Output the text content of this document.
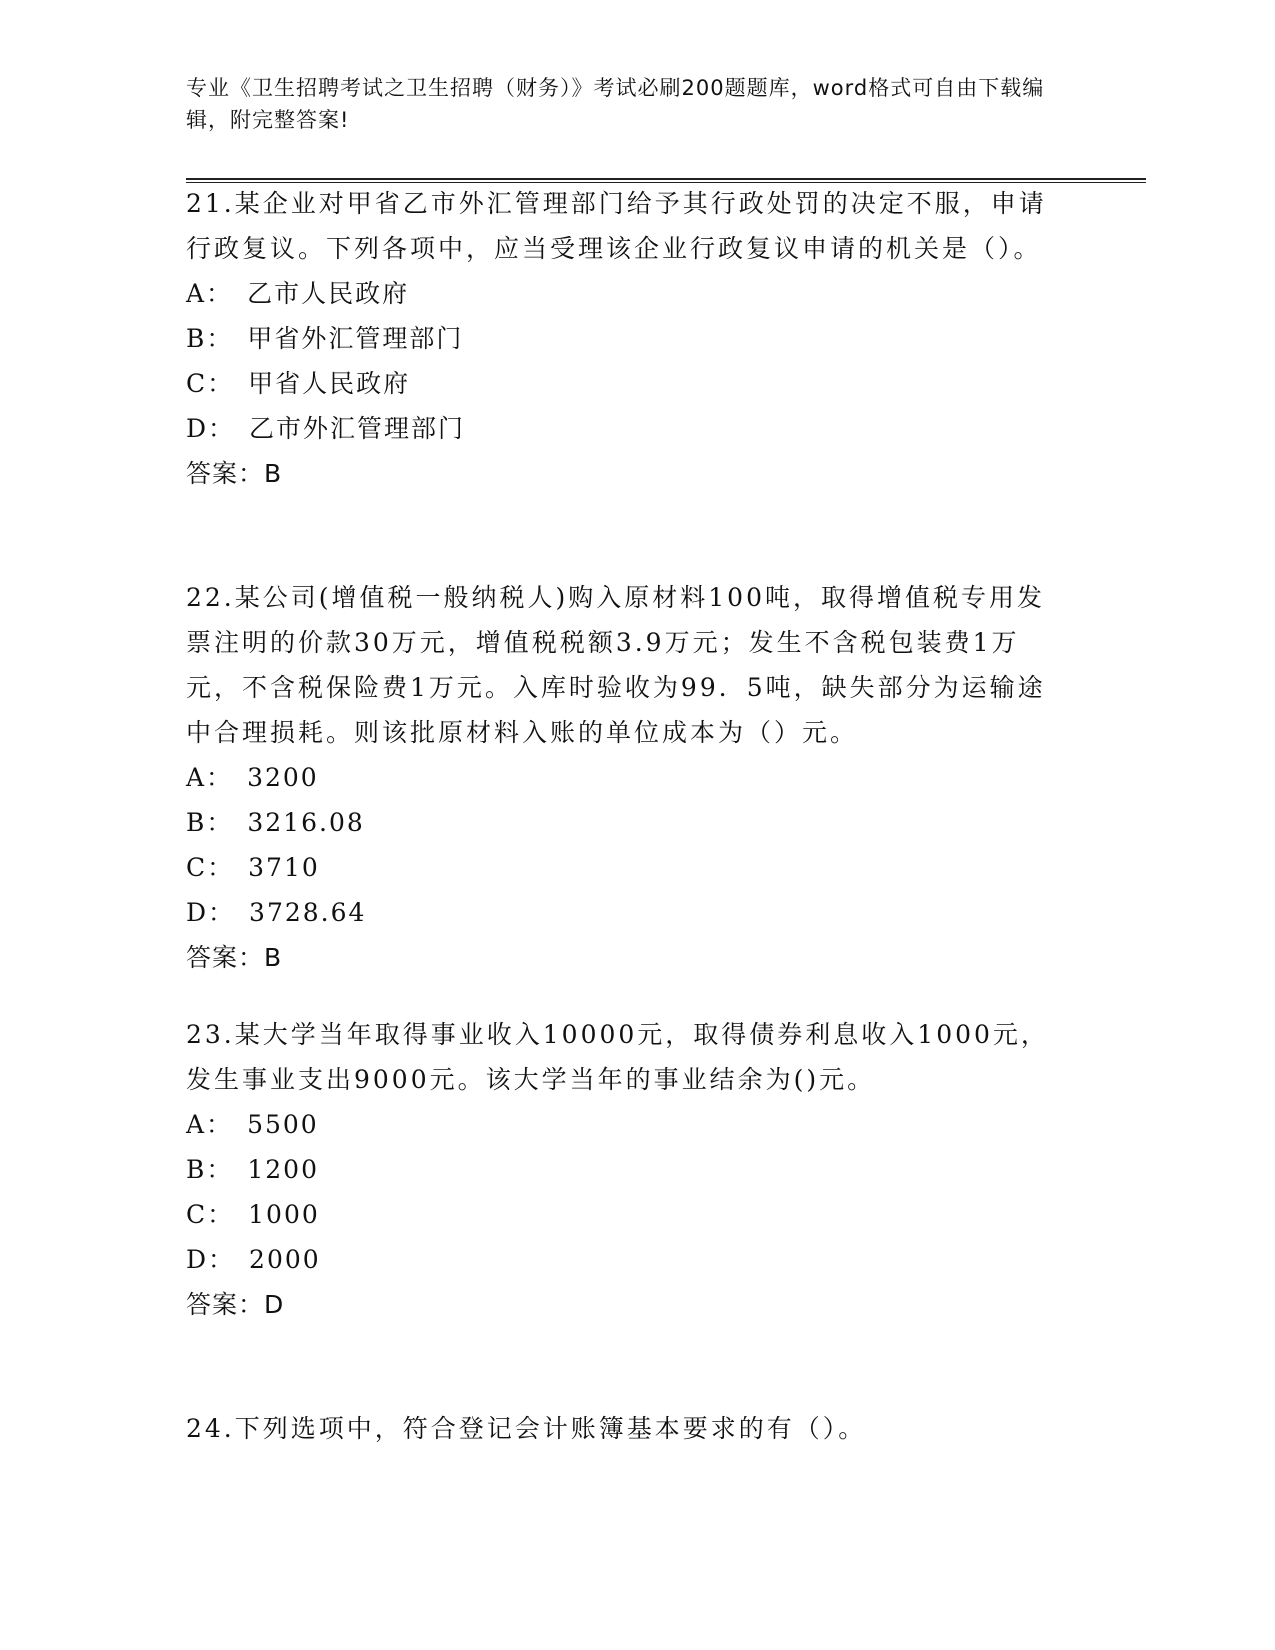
专业《卫生招聘考试之卫生招聘（财务）》考试必刷200题题库，word格式可自由下载编辑，附完整答案!

21.某企业对甲省乙市外汇管理部门给予其行政处罚的决定不服，申请行政复议。下列各项中，应当受理该企业行政复议申请的机关是（）。

A： 乙市人民政府

B： 甲省外汇管理部门

C： 甲省人民政府

D： 乙市外汇管理部门

答案：B

22.某公司(增值税一般纳税人)购入原材料100吨，取得增值税专用发票注明的价款30万元，增值税税额3.9万元；发生不含税包装费1万元，不含税保险费1万元。入库时验收为99．5吨，缺失部分为运输途中合理损耗。则该批原材料入账的单位成本为（）元。

A： 3200

B： 3216.08

C： 3710

D： 3728.64

答案：B

23.某大学当年取得事业收入10000元，取得债券利息收入1000元，发生事业支出9000元。该大学当年的事业结余为()元。

A： 5500

B： 1200

C： 1000

D： 2000

答案：D

24.下列选项中，符合登记会计账簿基本要求的有（）。
